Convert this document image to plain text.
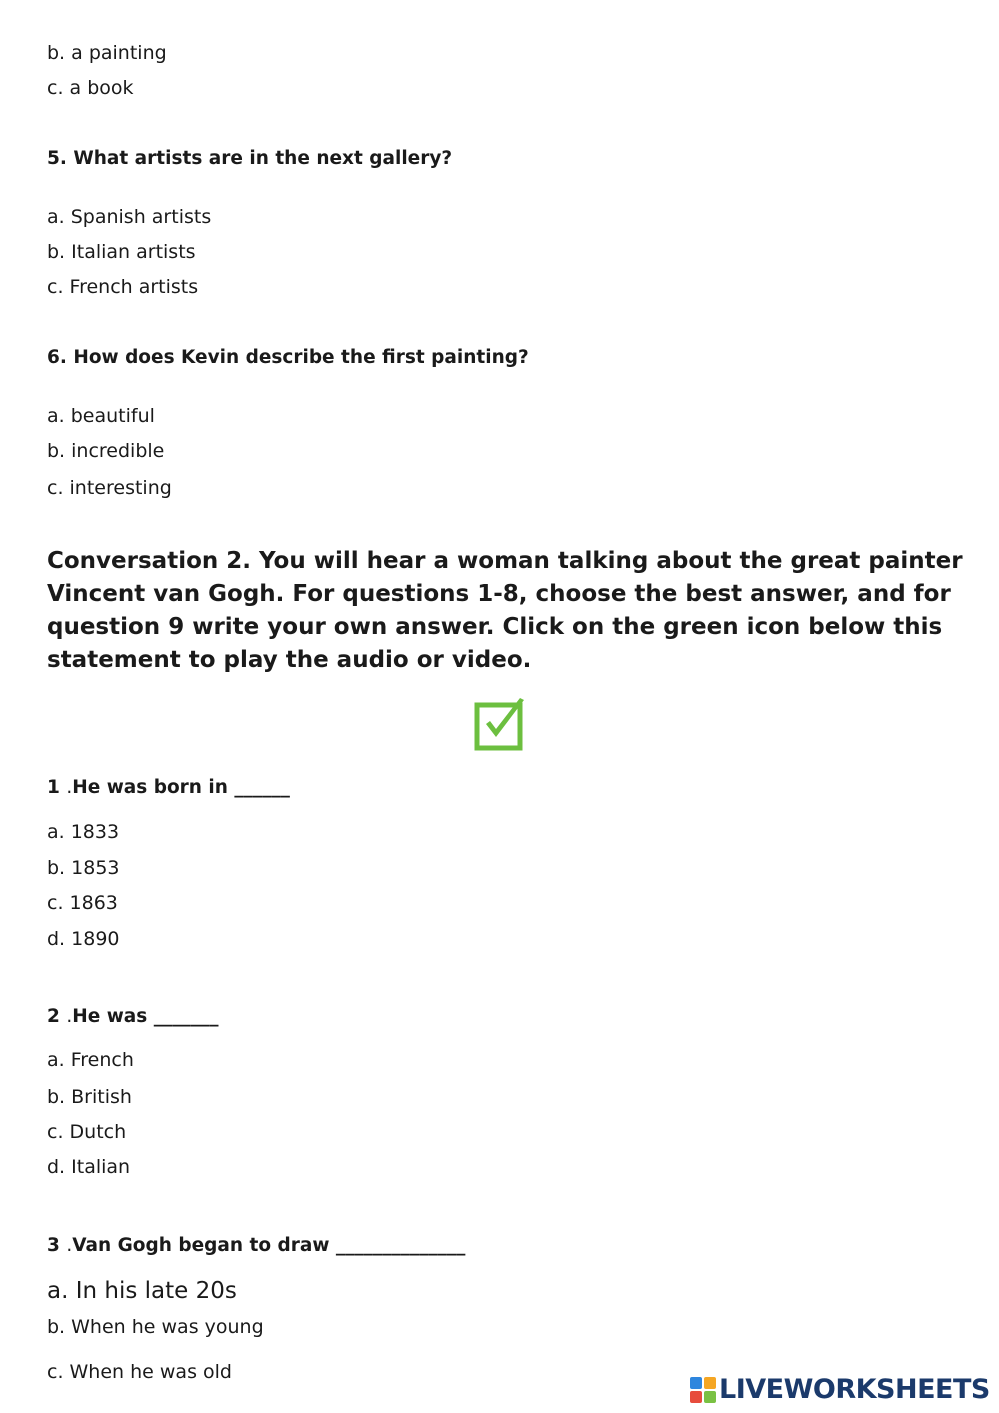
b. a painting
c. a book
5. What artists are in the next gallery?
a. Spanish artists
b. Italian artists
c. French artists
6. How does Kevin describe the first painting?
a. beautiful
b. incredible
c. interesting
Conversation 2. You will hear a woman talking about the great painter
Vincent van Gogh. For questions 1-8, choose the best answer, and for
question 9 write your own answer. Click on the green icon below this
statement to play the audio or video.
1 .He was born in ______
a. 1833
b. 1853
c. 1863
d. 1890
2 .He was _______
a. French
b. British
c. Dutch
d. Italian
3 .Van Gogh began to draw ______________
a. In his late 20s
b. When he was young
c. When he was old
LIVEWORKSHEETS
